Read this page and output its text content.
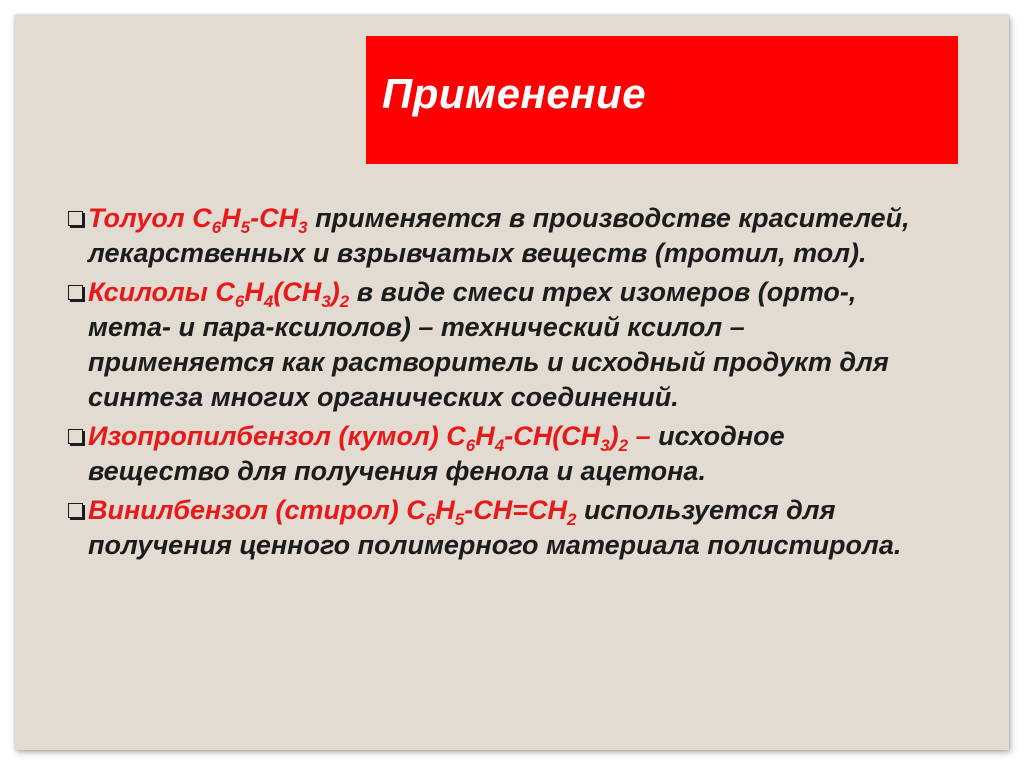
Применение
Толуол $С_6Н_5-СН_3$ применяется в производстве красителей,
лекарственных и взрывчатых веществ (тротил, тол).
Ксилолы $С_6Н_4(СН_3)_2$ в виде смеси трех изомеров (орто-,
мета- и пара-ксилолов) – технический ксилол –
применяется как растворитель и исходный продукт для
синтеза многих органических соединений.
Изопропилбензол (кумол) $С_6Н_4-СН(СН_3)_2$ – исходное
вещество для получения фенола и ацетона.
Винилбензол (стирол) $С_6Н_5-СН=СН_2$ используется для
получения ценного полимерного материала полистирола.
